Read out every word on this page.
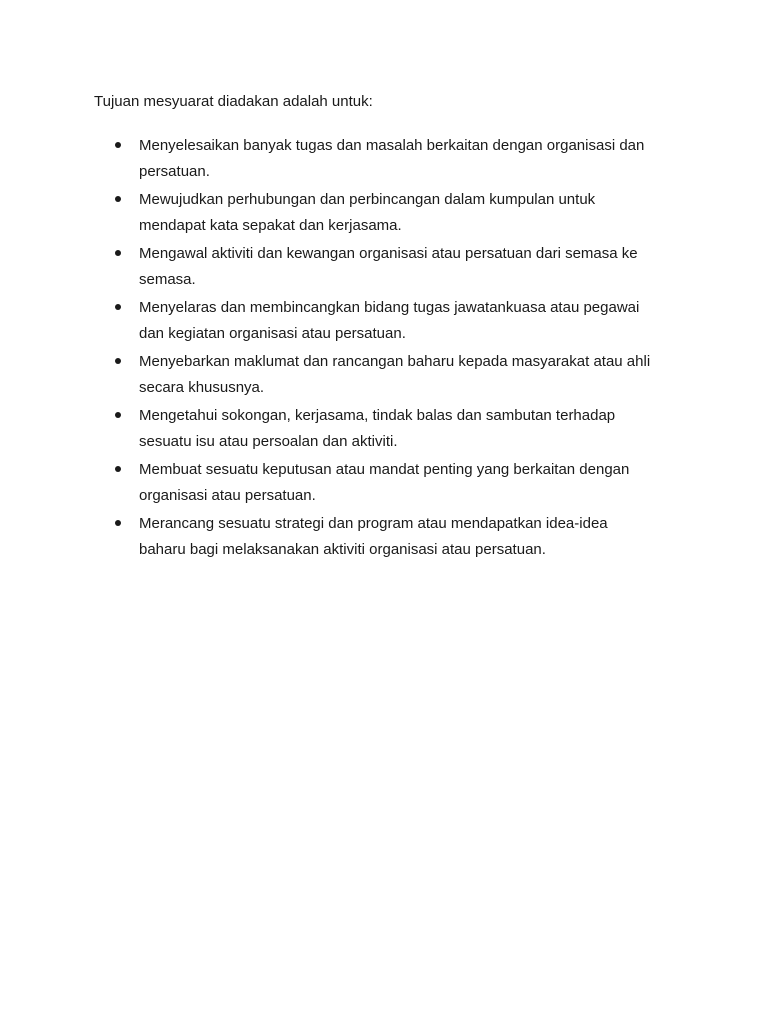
Tujuan mesyuarat diadakan adalah untuk:

Menyelesaikan banyak tugas dan masalah berkaitan dengan organisasi dan
persatuan.
Mewujudkan perhubungan dan perbincangan dalam kumpulan untuk
mendapat kata sepakat dan kerjasama.
Mengawal aktiviti dan kewangan organisasi atau persatuan dari semasa ke
semasa.
Menyelaras dan membincangkan bidang tugas jawatankuasa atau pegawai
dan kegiatan organisasi atau persatuan.
Menyebarkan maklumat dan rancangan baharu kepada masyarakat atau ahli
secara khususnya.
Mengetahui sokongan, kerjasama, tindak balas dan sambutan terhadap
sesuatu isu atau persoalan dan aktiviti.
Membuat sesuatu keputusan atau mandat penting yang berkaitan dengan
organisasi atau persatuan.
Merancang sesuatu strategi dan program atau mendapatkan idea-idea
baharu bagi melaksanakan aktiviti organisasi atau persatuan.
